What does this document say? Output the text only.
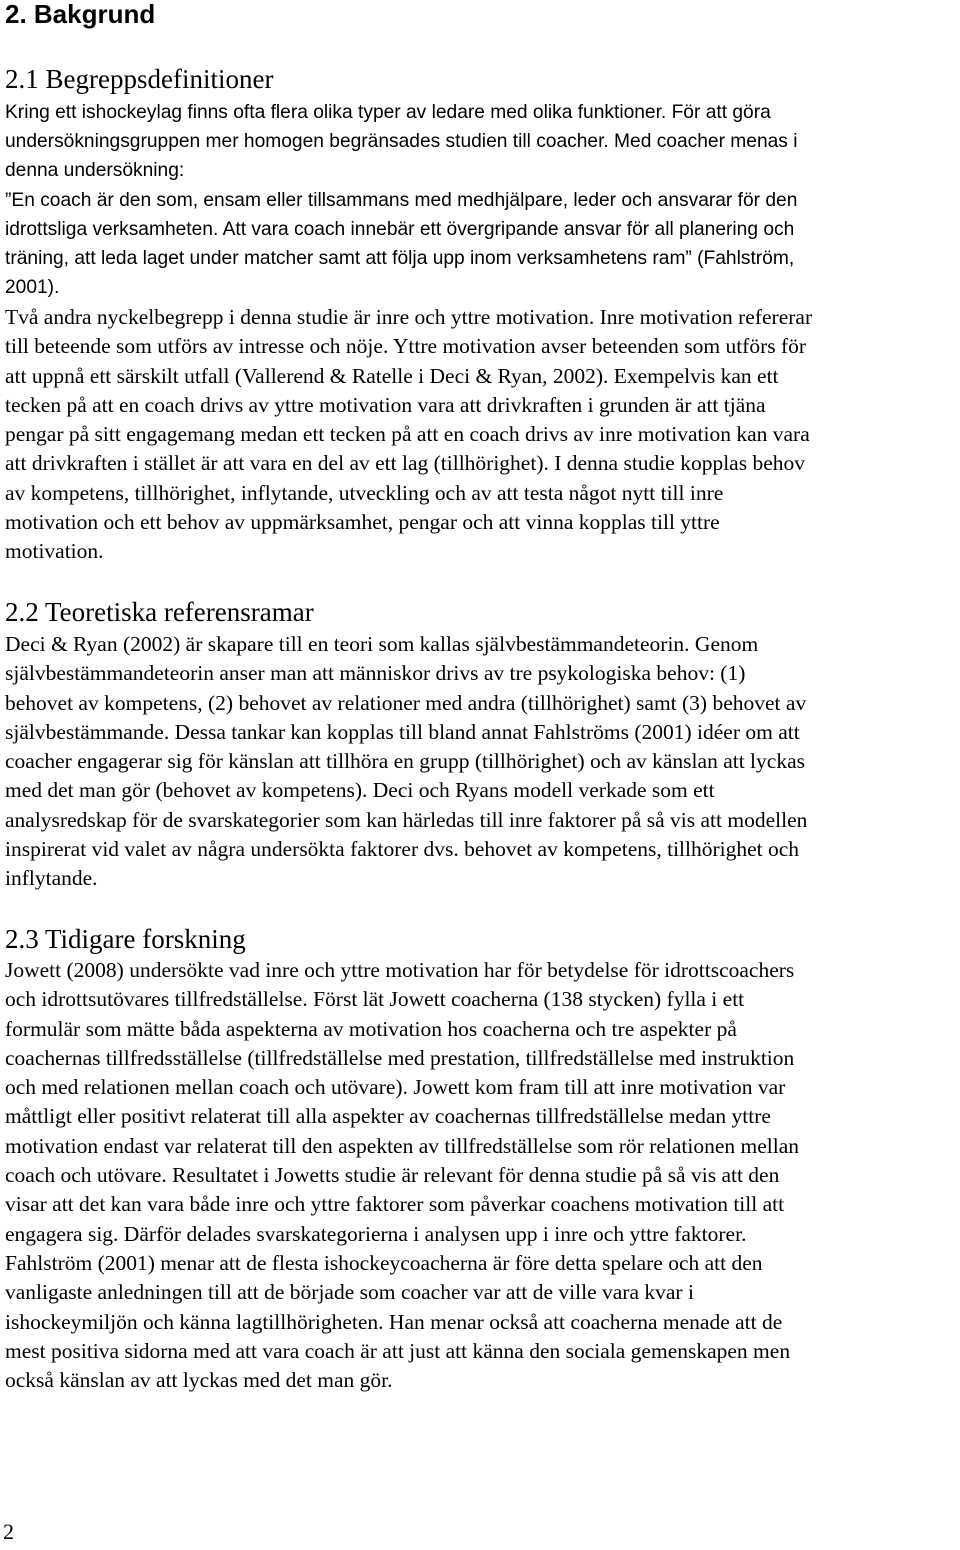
2. Bakgrund
2.1 Begreppsdefinitioner
Kring ett ishockeylag finns ofta flera olika typer av ledare med olika funktioner. För att göra
undersökningsgruppen mer homogen begränsades studien till coacher. Med coacher menas i
denna undersökning:
”En coach är den som, ensam eller tillsammans med medhjälpare, leder och ansvarar för den
idrottsliga verksamheten. Att vara coach innebär ett övergripande ansvar för all planering och
träning, att leda laget under matcher samt att följa upp inom verksamhetens ram” (Fahlström,
2001).
Två andra nyckelbegrepp i denna studie är inre och yttre motivation. Inre motivation refererar
till beteende som utförs av intresse och nöje. Yttre motivation avser beteenden som utförs för
att uppnå ett särskilt utfall (Vallerend & Ratelle i Deci & Ryan, 2002). Exempelvis kan ett
tecken på att en coach drivs av yttre motivation vara att drivkraften i grunden är att tjäna
pengar på sitt engagemang medan ett tecken på att en coach drivs av inre motivation kan vara
att drivkraften i stället är att vara en del av ett lag (tillhörighet). I denna studie kopplas behov
av kompetens, tillhörighet, inflytande, utveckling och av att testa något nytt till inre
motivation och ett behov av uppmärksamhet, pengar och att vinna kopplas till yttre
motivation.
2.2 Teoretiska referensramar
Deci & Ryan (2002) är skapare till en teori som kallas självbestämmandeteorin. Genom
självbestämmandeteorin anser man att människor drivs av tre psykologiska behov: (1)
behovet av kompetens, (2) behovet av relationer med andra (tillhörighet) samt (3) behovet av
självbestämmande. Dessa tankar kan kopplas till bland annat Fahlströms (2001) idéer om att
coacher engagerar sig för känslan att tillhöra en grupp (tillhörighet) och av känslan att lyckas
med det man gör (behovet av kompetens). Deci och Ryans modell verkade som ett
analysredskap för de svarskategorier som kan härledas till inre faktorer på så vis att modellen
inspirerat vid valet av några undersökta faktorer dvs. behovet av kompetens, tillhörighet och
inflytande.
2.3 Tidigare forskning
Jowett (2008) undersökte vad inre och yttre motivation har för betydelse för idrottscoachers
och idrottsutövares tillfredställelse. Först lät Jowett coacherna (138 stycken) fylla i ett
formulär som mätte båda aspekterna av motivation hos coacherna och tre aspekter på
coachernas tillfredsställelse (tillfredställelse med prestation, tillfredställelse med instruktion
och med relationen mellan coach och utövare). Jowett kom fram till att inre motivation var
måttligt eller positivt relaterat till alla aspekter av coachernas tillfredställelse medan yttre
motivation endast var relaterat till den aspekten av tillfredställelse som rör relationen mellan
coach och utövare. Resultatet i Jowetts studie är relevant för denna studie på så vis att den
visar att det kan vara både inre och yttre faktorer som påverkar coachens motivation till att
engagera sig. Därför delades svarskategorierna i analysen upp i inre och yttre faktorer.
Fahlström (2001) menar att de flesta ishockeycoacherna är före detta spelare och att den
vanligaste anledningen till att de började som coacher var att de ville vara kvar i
ishockeymiljön och känna lagtillhörigheten. Han menar också att coacherna menade att de
mest positiva sidorna med att vara coach är att just att känna den sociala gemenskapen men
också känslan av att lyckas med det man gör.
2
